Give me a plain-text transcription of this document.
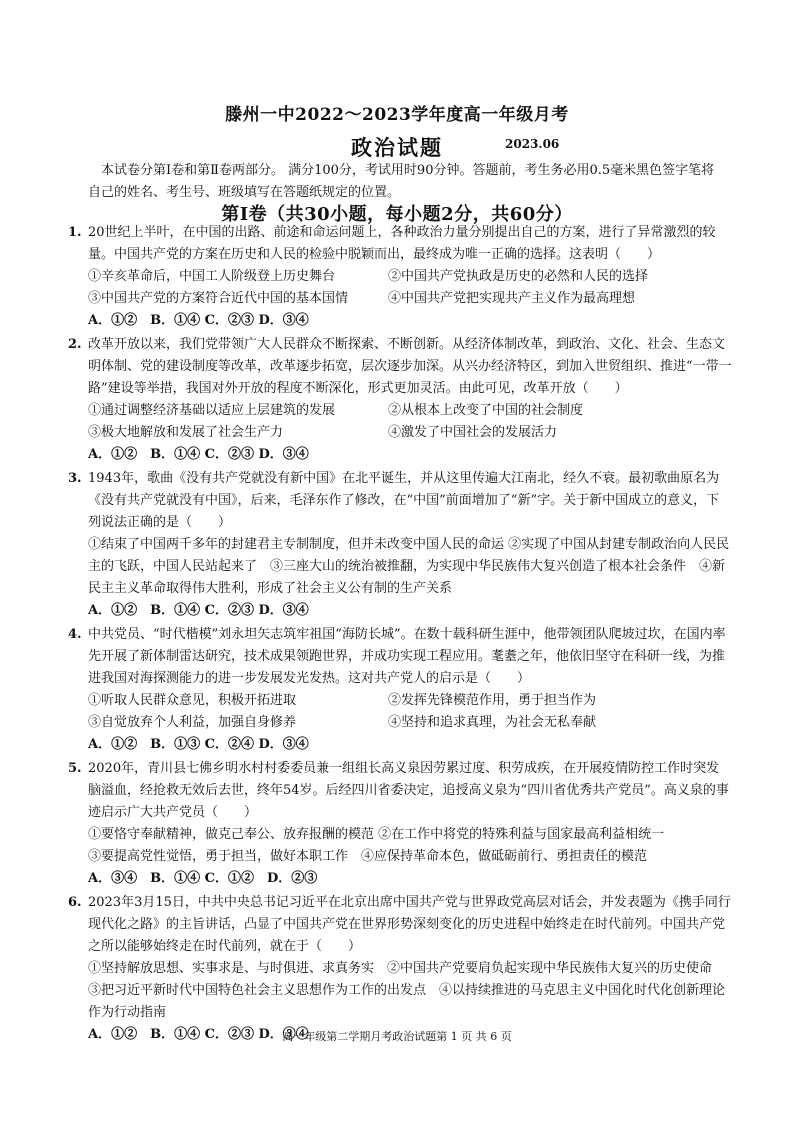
滕州一中2022～2023学年度高一年级月考
政治试题	2023.06
本试卷分第Ⅰ卷和第Ⅱ卷两部分。 满分100分，考试用时90分钟。答题前，考生务必用0.5毫米黑色签字笔将自己的姓名、考生号、班级填写在答题纸规定的位置。
第Ⅰ卷（共30小题，每小题2分，共60分）
1. 20世纪上半叶，在中国的出路、前途和命运问题上，各种政治力量分别提出自己的方案，进行了异常激烈的较量。中国共产党的方案在历史和人民的检验中脱颖而出，最终成为唯一正确的选择。这表明（　　）
①辛亥革命后，中国工人阶级登上历史舞台	②中国共产党执政是历史的必然和人民的选择
③中国共产党的方案符合近代中国的基本国情	④中国共产党把实现共产主义作为最高理想
A．①②　B．①④ C．②③ D．③④
2. 改革开放以来，我们党带领广大人民群众不断探索、不断创新。从经济体制改革，到政治、文化、社会、生态文明体制、党的建设制度等改革，改革逐步拓宽，层次逐步加深。从兴办经济特区，到加入世贸组织、推进“一带一路”建设等举措，我国对外开放的程度不断深化，形式更加灵活。由此可见，改革开放（　　）
①通过调整经济基础以适应上层建筑的发展	②从根本上改变了中国的社会制度
③极大地解放和发展了社会生产力	④激发了中国社会的发展活力
A．①②　B．①④ C．②③ D．③④
3. 1943年，歌曲《没有共产党就没有新中国》在北平诞生，并从这里传遍大江南北，经久不衰。最初歌曲原名为《没有共产党就没有中国》，后来，毛泽东作了修改，在“中国”前面增加了“新”字。关于新中国成立的意义，下列说法正确的是（　　）
①结束了中国两千多年的封建君主专制制度，但并未改变中国人民的命运 ②实现了中国从封建专制政治向人民民主的飞跃，中国人民站起来了　③三座大山的统治被推翻，为实现中华民族伟大复兴创造了根本社会条件　④新民主主义革命取得伟大胜利，形成了社会主义公有制的生产关系
A．①②　B．①④ C．②③ D．③④
4. 中共党员、“时代楷模”刘永坦矢志筑牢祖国“海防长城”。在数十载科研生涯中，他带领团队爬坡过坎，在国内率先开展了新体制雷达研究，技术成果领跑世界，并成功实现工程应用。耄耋之年，他依旧坚守在科研一线，为推进我国对海探测能力的进一步发展发光发热。这对共产党人的启示是（　　）
①听取人民群众意见，积极开拓进取	②发挥先锋模范作用，勇于担当作为
③自觉放弃个人利益，加强自身修养	④坚持和追求真理，为社会无私奉献
A．①②　B．①③ C．②④ D．③④
5. 2020年，青川县七佛乡明水村村委委员兼一组组长高义泉因劳累过度、积劳成疾，在开展疫情防控工作时突发脑溢血，经抢救无效后去世，终年54岁。后经四川省委决定，追授高义泉为“四川省优秀共产党员”。高义泉的事迹启示广大共产党员（　　）
①要恪守奉献精神，做克己奉公、放弃报酬的模范 ②在工作中将党的特殊利益与国家最高利益相统一
③要提高党性觉悟，勇于担当，做好本职工作　 ④应保持革命本色，做砥砺前行、勇担责任的模范
A．③④　B．①④ C．①②　D．②③
6. 2023年3月15日，中共中央总书记习近平在北京出席中国共产党与世界政党高层对话会，并发表题为《携手同行现代化之路》的主旨讲话，凸显了中国共产党在世界形势深刻变化的历史进程中始终走在时代前列。中国共产党之所以能够始终走在时代前列，就在于（　　）
①坚持解放思想、实事求是、与时俱进、求真务实　②中国共产党要肩负起实现中华民族伟大复兴的历史使命　③把习近平新时代中国特色社会主义思想作为工作的出发点　④以持续推进的马克思主义中国化时代化创新理论作为行动指南
A．①②　B．①④ C．②③ D．③④
高一年级第二学期月考政治试题第 1 页 共 6 页
